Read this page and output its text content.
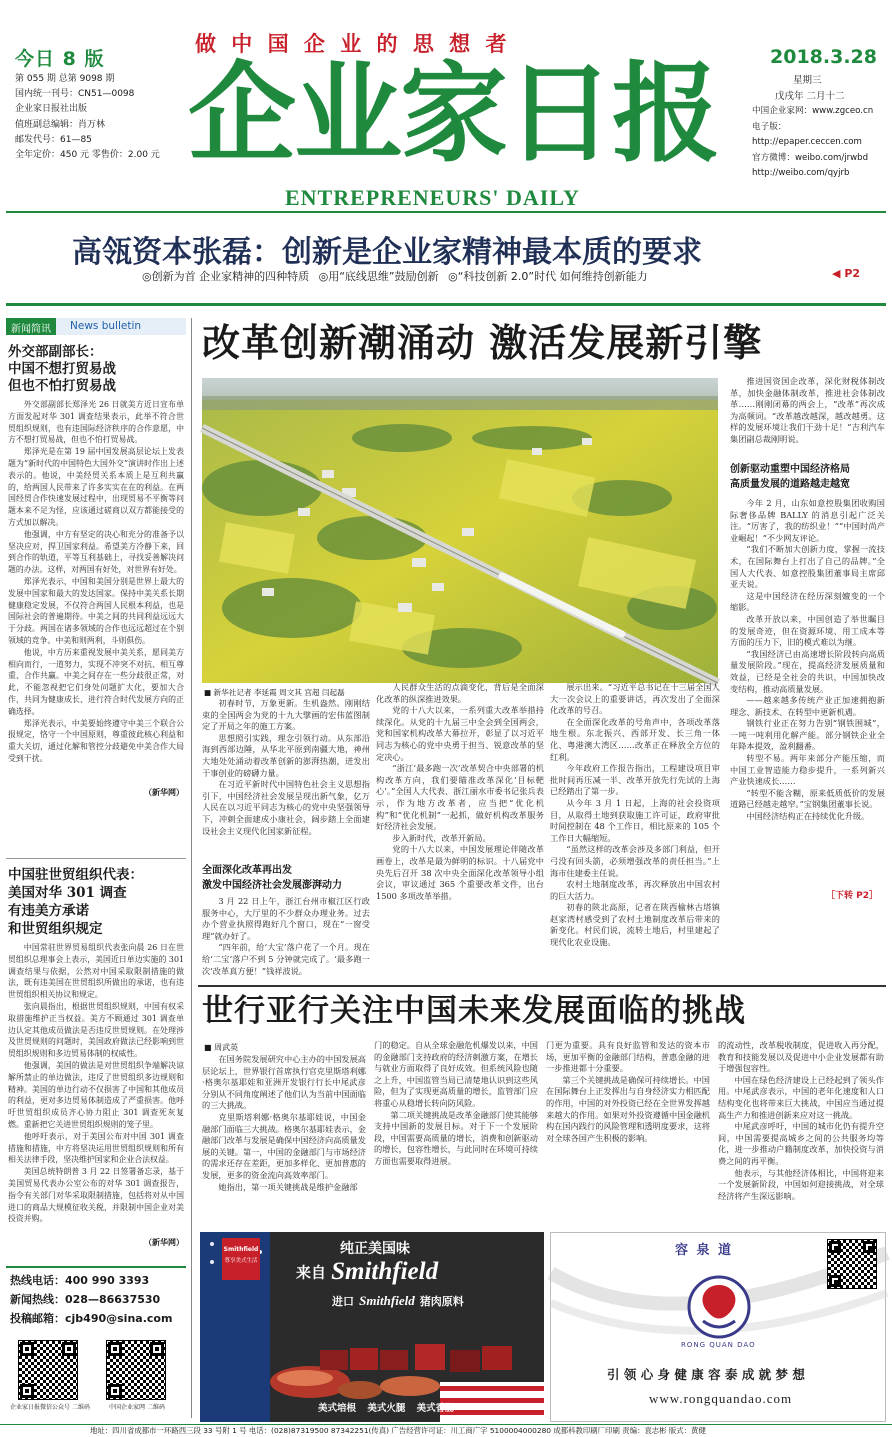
今日 8 版
第 055 期 总第 9098 期
国内统一刊号：CN51—0098
企业家日报社出版
值班副总编辑：肖万林
邮发代号：61—85
全年定价：450 元 零售价：2.00 元
做 中 国 企 业 的 思 想 者
企业家日报
ENTREPRENEURS' DAILY
2018.3.28
星期三
戊戌年 二月十二
中国企业家网：www.zgceo.cn
电子版：http://epaper.ceccen.com
官方微博：weibo.com/jrwbd
http://weibo.com/qyjrb
高瓴资本张磊：创新是企业家精神最本质的要求
◎创新为首 企业家精神的四种特质 ◎用“底线思维”鼓励创新 ◎“科技创新 2.0”时代 如何维持创新能力	◀ P2
新闻简讯	News bulletin
外交部副部长：
中国不想打贸易战
但也不怕打贸易战

外交部副部长郑泽光 26 日就美方近日宣布单方面发起对华 301 调查结果表示，此举不符合世贸组织规则，也有违国际经济秩序的合作意愿，中方不想打贸易战，但也不怕打贸易战。

郑泽光是在第 19 届中国发展高层论坛上发表题为“新时代的中国特色大国外交”演讲时作出上述表示的。他说，中美经贸关系本质上是互利共赢的，给两国人民带来了许多实实在在的利益。在两国经贸合作快速发展过程中，出现贸易不平衡等问题本来不足为怪，应该通过磋商以双方都能接受的方式加以解决。

他强调，中方有坚定的决心和充分的准备予以坚决应对，捍卫国家利益。希望美方冷静下来，回到合作的轨道，平等互利基础上，寻找妥善解决问题的办法。这样，对两国有好处，对世界有好处。

郑泽光表示，中国和美国分别是世界上最大的发展中国家和最大的发达国家。保持中美关系长期健康稳定发展，不仅符合两国人民根本利益，也是国际社会的普遍期待。中美之间的共同利益远远大于分歧。两国在诸多领域的合作也远远超过在个别领域的竞争。中美和则两利，斗则俱伤。

他说，中方历来重视发展中美关系，愿同美方相向而行，一道努力，实现不冲突不对抗、相互尊重、合作共赢。中美之间存在一些分歧很正常，对此，不能忽视把它们身处问题扩大化，要加大合作，共同为健康成长、进行符合时代发展方向的正确选择。

郑泽光表示，中美要始终遵守中美三个联合公报规定，恪守一个中国原则，尊重彼此核心利益和重大关切，通过化解和管控分歧避免中美合作大局受到干扰。

（新华网）
中国驻世贸组织代表：
美国对华 301 调查
有违美方承诺
和世贸组织规定

中国常驻世界贸易组织代表张向晨 26 日在世贸组织总理事会上表示，美国近日单边实施的 301 调查结果与依据，公然对中国采取限制措施的做法，既有违美国在世贸组织所做出的承诺，也有违世贸组织相关协议和规定。

张向晨指出，根据世贸组织规则，中国有权采取措施维护正当权益。美方不顾通过 301 调查单边认定其他成员做法是否违反世贸规则。在处理涉及世贸规则的问题时，美国政府做法已经影响到世贸组织规则和多边贸易体制的权威性。

他强调，美国的做法是对世贸组织争端解决谅解所禁止的单边做法，违反了世贸组织多边规则和精神。美国的单边行动不仅损害了中国和其他成员的利益，更对多边贸易体制造成了严重损害。他呼吁世贸组织成员齐心协力阻止 301 调查死灰复燃。重新把它关进世贸组织规则的笼子里。

他呼吁表示，对于美国公布对中国 301 调查措施和措施，中方将坚决运用世贸组织规则和所有相关法律手段，坚决维护国家和企业合法权益。

美国总统特朗普 3 月 22 日签署备忘录，基于美国贸易代表办公室公布的对华 301 调查报告，指令有关部门对华采取限制措施，包括将对从中国进口的商品大规模征收关税，并限制中国企业对美投资并购。

（新华网）
热线电话：400 990 3393
新闻热线：028—86637530
投稿邮箱：cjb490@sina.com
企业家日报微信公众号 二维码	中国企业家网 二维码
改革创新潮涌动 激活发展新引擎

推进国资国企改革，深化财税体制改革，加快金融体制改革，推进社会体制改革……刚刚闭幕的两会上，“改革”再次成为高频词。“改革越改越深，越改越勇。这样的发展环境让我们干劲十足！”吉利汽车集团副总裁刚明说。

创新驱动重塑中国经济格局
高质量发展的道路越走越宽

今年 2 月，山东如意控股集团收购国际奢侈品牌 BALLY 的消息引起广泛关注。“厉害了，我的纺织业！”“中国时尚产业崛起！”不少网友评论。

“我们不断加大创新力度，掌握一流技术，在国际舞台上打出了自己的品牌。”全国人大代表、如意控股集团董事局主席邱亚夫说。

这是中国经济在经历深刻嬗变的一个缩影。

改革开放以来，中国创造了举世瞩目的发展奇迹，但在资源环境、用工成本等方面的压力下，旧的模式难以为继。

“我国经济已由高速增长阶段转向高质量发展阶段。”现在，提高经济发展质量和效益，已经是全社会的共识，中国加快改变结构，推动高质量发展。

——越来越多传统产业正加速拥抱新理念、新技术、在转型中更新机遇。

钢铁行业正在努力告别“钢铁围城”，一吨一吨利用化解产能。部分钢铁企业全年降本提效，盈利翻番。

转型不易。两年来部分产能压缩，而中国工业智造能力稳步提升，一系列新兴产业快速成长……

“转型不能含糊，原来低质低价的发展道路已经越走越窄。”宝钢集团董事长说。

中国经济结构正在持续优化升级。

［下转 P2］
■ 新华社记者 李延霞 周文其 宫超 闫起磊

初春时节，万象更新。生机盎然。刚刚结束的全国两会为党的十九大擘画的宏伟蓝图制定了开局之年的施工方案。

思想照引实践，理念引领行动。从东部沿海到西部边陲，从华北平原到南疆大地，神州大地处处涌动着改革创新的澎湃热潮，迸发出干事创业的磅礴力量。

在习近平新时代中国特色社会主义思想指引下，中国经济社会发展呈现出新气象，亿万人民在以习近平同志为核心的党中央坚强领导下，冲刺全面建成小康社会，阔步踏上全面建设社会主义现代化国家新征程。

全面深化改革再出发
激发中国经济社会发展澎湃动力

人民群众生活的点滴变化，背后是全面深化改革的纵深推进效果。

党的十八大以来，一系列重大改革举措持续深化。从党的十九届三中全会到全国两会，党和国家机构改革大幕拉开，彰显了以习近平同志为核心的党中央勇于担当、锐意改革的坚定决心。

“浙江‘最多跑一次’改革契合中央部署的机构改革方向，我们要瞄准改革深化‘目标靶心’。”全国人大代表、浙江丽水市委书记张兵表示，作为地方改革者，应当把“优化机构”和“优化机制”一起抓，做好机构改革服务好经济社会发展。

步入新时代，改革开新局。

党的十八大以来，中国发展理论伴随改革画卷上，改革是最为鲜明的标识。十八届党中央先后召开 38 次中央全面深化改革领导小组会议，审议通过 365 个重要改革文件，出台 1500 多项改革举措。

展示出来。“习近平总书记在十三届全国人大一次会议上的重要讲话，再次发出了全面深化改革的号召。

在全面深化改革的号角声中，各项改革落地生根。东北振兴、西部开发、长三角一体化、粤港澳大湾区……改革正在释放全方位的红利。

今年政府工作报告指出，工程建设项目审批时间再压减一半、改革开放先行先试的上海已经踏出了第一步。

从今年 3 月 1 日起，上海的社会投资项目，从取得土地到获取施工许可证，政府审批时间控制在 48 个工作日，相比原来的 105 个工作日大幅缩短。

“虽然这样的改革会涉及多部门利益，但开弓没有回头箭，必须增强改革的责任担当。”上海市住建委主任说。

农村土地制度改革，再次释放出中国农村的巨大活力。

初春的陕北高原，记者在陕西榆林古塔镇赵家湾村感受到了农村土地制度改革后带来的新变化。村民们说，流转土地后，村里建起了现代化农业设施。

3 月 22 日上午，浙江台州市椒江区行政服务中心，大厅里的不少群众办理业务。过去办个营业执照得跑好几个窗口，现在“一窗受理”就办好了。

“四年前，给‘大宝’落户花了一个月。现在给‘二宝’落户不到 5 分钟就完成了。‘最多跑一次’改革真方便！”钱祥波说。

世行亚行关注中国未来发展面临的挑战
■ 周武英

在国务院发展研究中心主办的中国发展高层论坛上，世界银行首席执行官克里斯塔利娜·格奥尔基耶娃和亚洲开发银行行长中尾武彦分别从不同角度阐述了他们认为当前中国面临的三大挑战。

克里斯塔利娜·格奥尔基耶娃说，中国金融部门面临三大挑战。格奥尔基耶娃表示，金融部门改革与发展是确保中国经济向高质量发展的关键。第一，中国的金融部门与市场经济的需求还存在差距，更加多样化、更加普惠的发展，更多的资金流向高效率部门。

她指出，第一项关键挑战是维护金融部

门的稳定。自从全球金融危机爆发以来，中国的金融部门支持政府的经济刺激方案，在增长与就业方面取得了良好成效。但系统风险也随之上升，中国监管当局已清楚地认识到这些风险，但为了实现更高质量的增长，监管部门应将重心从稳增长转向防风险。

第二项关键挑战是改革金融部门使其能够支持中国新的发展目标。对于下一个发展阶段，中国需要高质量的增长，消费和创新驱动的增长，包容性增长，与此同时在环境可持续方面也需要取得进展。

门更为重要。具有良好监管和发达的资本市场，更加平衡的金融部门结构，普惠金融的进一步推进都十分重要。

第三个关键挑战是确保可持续增长。中国在国际舞台上正发挥出与自身经济实力相匹配的作用，中国的对外投资已经在全世界发挥越来越大的作用。如果对外投资遵循中国金融机构在国内践行的风险管理和透明度要求，这将对全球各国产生积极的影响。

的流动性，改革税收制度，促进收入再分配，教育和技能发展以及促进中小企业发展都有助于增强包容性。

中国在绿色经济建设上已经起到了领头作用。中尾武彦表示，中国的老年化速度和人口结构变化也将带来巨大挑战，中国应当通过提高生产力和推进创新来应对这一挑战。

中尾武彦呼吁，中国的城市化仍有提升空间，中国需要提高城乡之间的公共服务均等化，进一步推动户籍制度改革，加快投资与消费之间的再平衡。

他表示，与其他经济体相比，中国将迎来一个发展新阶段，中国如何迎接挑战，对全球经济将产生深远影响。

Smithfield
尊享美式生活
纯正美国味
来自 Smithfield
进口 Smithfield 猪肉原料
美式培根 美式火腿 美式香肠
容 泉 道
RONG QUAN DAO
引 领 心 身 健 康 容 泰 成 就 梦 想
www.rongquandao.com
地址：四川省成都市一环路西三段 33 号附 1 号 电话：(028)87319500 87342251(传真) 广告经营许可证：川工商广字 5100004000280 成都科教印刷厂印刷 责编：袁志彬 版式：黄健
